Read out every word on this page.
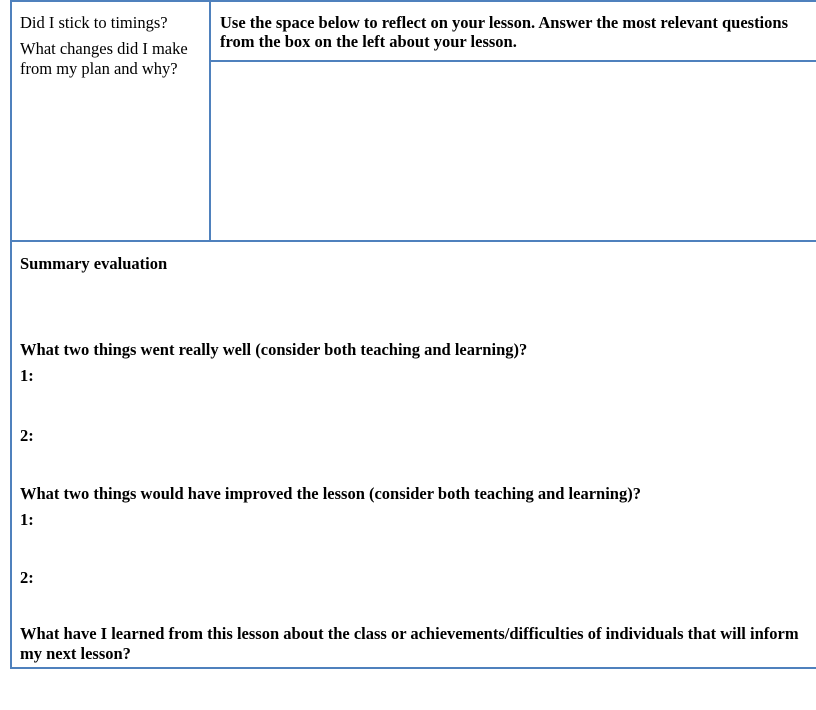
Did I stick to timings?

What changes did I make from my plan and why?

Use the space below to reflect on your lesson. Answer the most relevant questions from the box on the left about your lesson.
Summary evaluation
What two things went really well (consider both teaching and learning)?
1:
2:
What two things would have improved the lesson (consider both teaching and learning)?
1:
2:
What have I learned from this lesson about the class or achievements/difficulties of individuals that will inform my next lesson?
